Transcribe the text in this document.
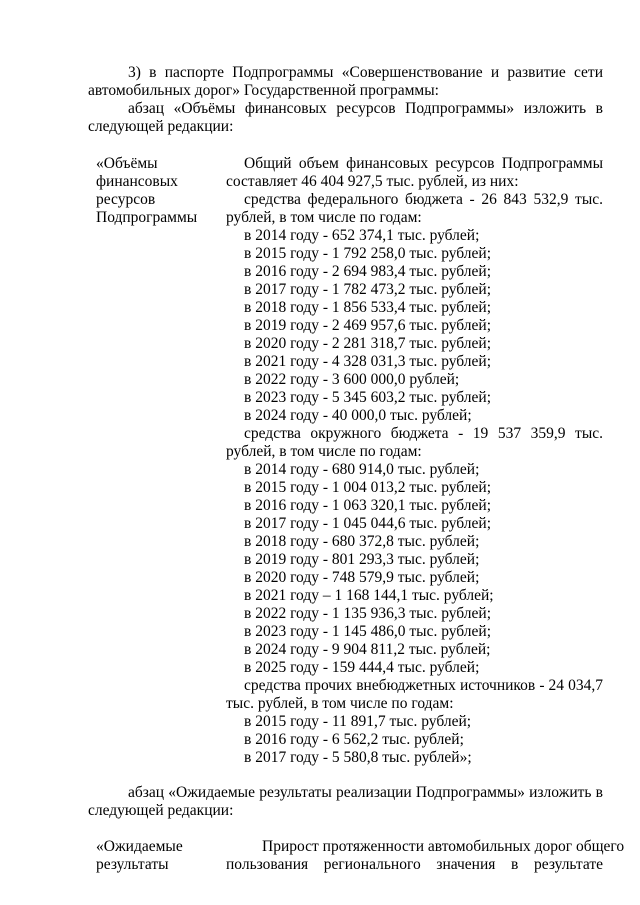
3) в паспорте Подпрограммы «Совершенствование и развитие сети
автомобильных дорог» Государственной программы:
абзац «Объёмы финансовых ресурсов Подпрограммы» изложить в
следующей редакции:
«Объёмы
финансовых
ресурсов
Подпрограммы
Общий объем финансовых ресурсов Подпрограммы
составляет 46 404 927,5 тыс. рублей, из них:
средства федерального бюджета - 26 843 532,9 тыс.
рублей, в том числе по годам:
в 2014 году - 652 374,1 тыс. рублей;
в 2015 году - 1 792 258,0 тыс. рублей;
в 2016 году - 2 694 983,4 тыс. рублей;
в 2017 году - 1 782 473,2 тыс. рублей;
в 2018 году - 1 856 533,4 тыс. рублей;
в 2019 году - 2 469 957,6 тыс. рублей;
в 2020 году - 2 281 318,7 тыс. рублей;
в 2021 году - 4 328 031,3 тыс. рублей;
в 2022 году - 3 600 000,0 рублей;
в 2023 году - 5 345 603,2 тыс. рублей;
в 2024 году - 40 000,0 тыс. рублей;
средства окружного бюджета - 19 537 359,9 тыс.
рублей, в том числе по годам:
в 2014 году - 680 914,0 тыс. рублей;
в 2015 году - 1 004 013,2 тыс. рублей;
в 2016 году - 1 063 320,1 тыс. рублей;
в 2017 году - 1 045 044,6 тыс. рублей;
в 2018 году - 680 372,8 тыс. рублей;
в 2019 году - 801 293,3 тыс. рублей;
в 2020 году - 748 579,9 тыс. рублей;
в 2021 году – 1 168 144,1 тыс. рублей;
в 2022 году - 1 135 936,3 тыс. рублей;
в 2023 году - 1 145 486,0 тыс. рублей;
в 2024 году - 9 904 811,2 тыс. рублей;
в 2025 году - 159 444,4 тыс. рублей;
средства прочих внебюджетных источников - 24 034,7
тыс. рублей, в том числе по годам:
в 2015 году - 11 891,7 тыс. рублей;
в 2016 году - 6 562,2 тыс. рублей;
в 2017 году - 5 580,8 тыс. рублей»;
абзац «Ожидаемые результаты реализации Подпрограммы» изложить в
следующей редакции:
«Ожидаемые
результаты
Прирост протяженности автомобильных дорог общего
пользования регионального значения в результате
